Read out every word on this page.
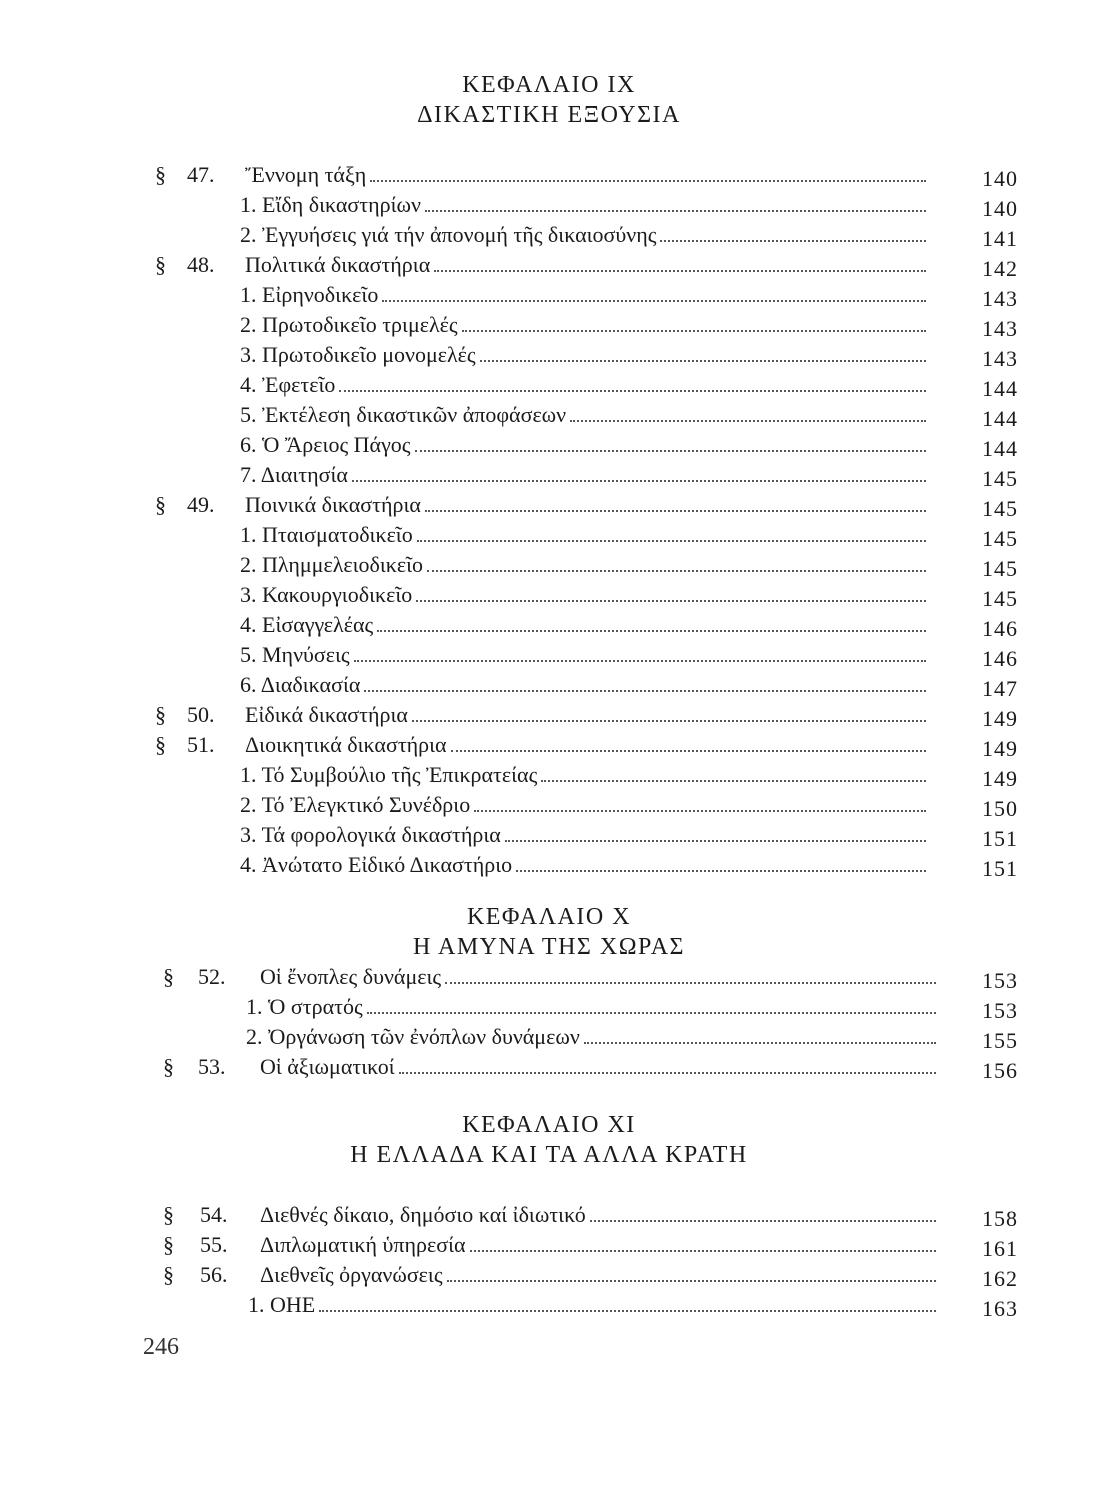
ΚΕΦΑΛΑΙΟ IX
ΔΙΚΑΣΤΙΚΗ ΕΞΟΥΣΙΑ
ΚΕΦΑΛΑΙΟ Χ
Η ΑΜΥΝΑ ΤΗΣ ΧΩΡΑΣ
ΚΕΦΑΛΑΙΟ XI
Η ΕΛΛΑΔΑ ΚΑΙ ΤΑ ΑΛΛΑ ΚΡΑΤΗ
§ 47. Ἔννομη τάξη	140
1. Εἴδη δικαστηρίων	140
2. Ἐγγυήσεις γιά τήν ἀπονομή τῆς δικαιοσύνης	141
§ 48. Πολιτικά δικαστήρια	142
1. Εἰρηνοδικεῖο	143
2. Πρωτοδικεῖο τριμελές	143
3. Πρωτοδικεῖο μονομελές	143
4. Ἐφετεῖο	144
5. Ἐκτέλεση δικαστικῶν ἀποφάσεων	144
6. Ὁ Ἄρειος Πάγος	144
7. Διαιτησία	145
§ 49. Ποινικά δικαστήρια	145
1. Πταισματοδικεῖο	145
2. Πλημμελειοδικεῖο	145
3. Κακουργιοδικεῖο	145
4. Εἰσαγγελέας	146
5. Μηνύσεις	146
6. Διαδικασία	147
§ 50. Εἰδικά δικαστήρια	149
§ 51. Διοικητικά δικαστήρια	149
1. Τό Συμβούλιο τῆς Ἐπικρατείας	149
2. Τό Ἐλεγκτικό Συνέδριο	150
3. Τά φορολογικά δικαστήρια	151
4. Ἀνώτατο Εἰδικό Δικαστήριο	151
§ 52. Οἱ ἔνοπλες δυνάμεις	153
1. Ὁ στρατός	153
2. Ὀργάνωση τῶν ἐνόπλων δυνάμεων	155
§ 53. Οἱ ἀξιωματικοί	156
§ 54. Διεθνές δίκαιο, δημόσιο καί ἰδιωτικό	158
§ 55. Διπλωματική ὑπηρεσία	161
§ 56. Διεθνεῖς ὀργανώσεις	162
1. ΟΗΕ	163
246
